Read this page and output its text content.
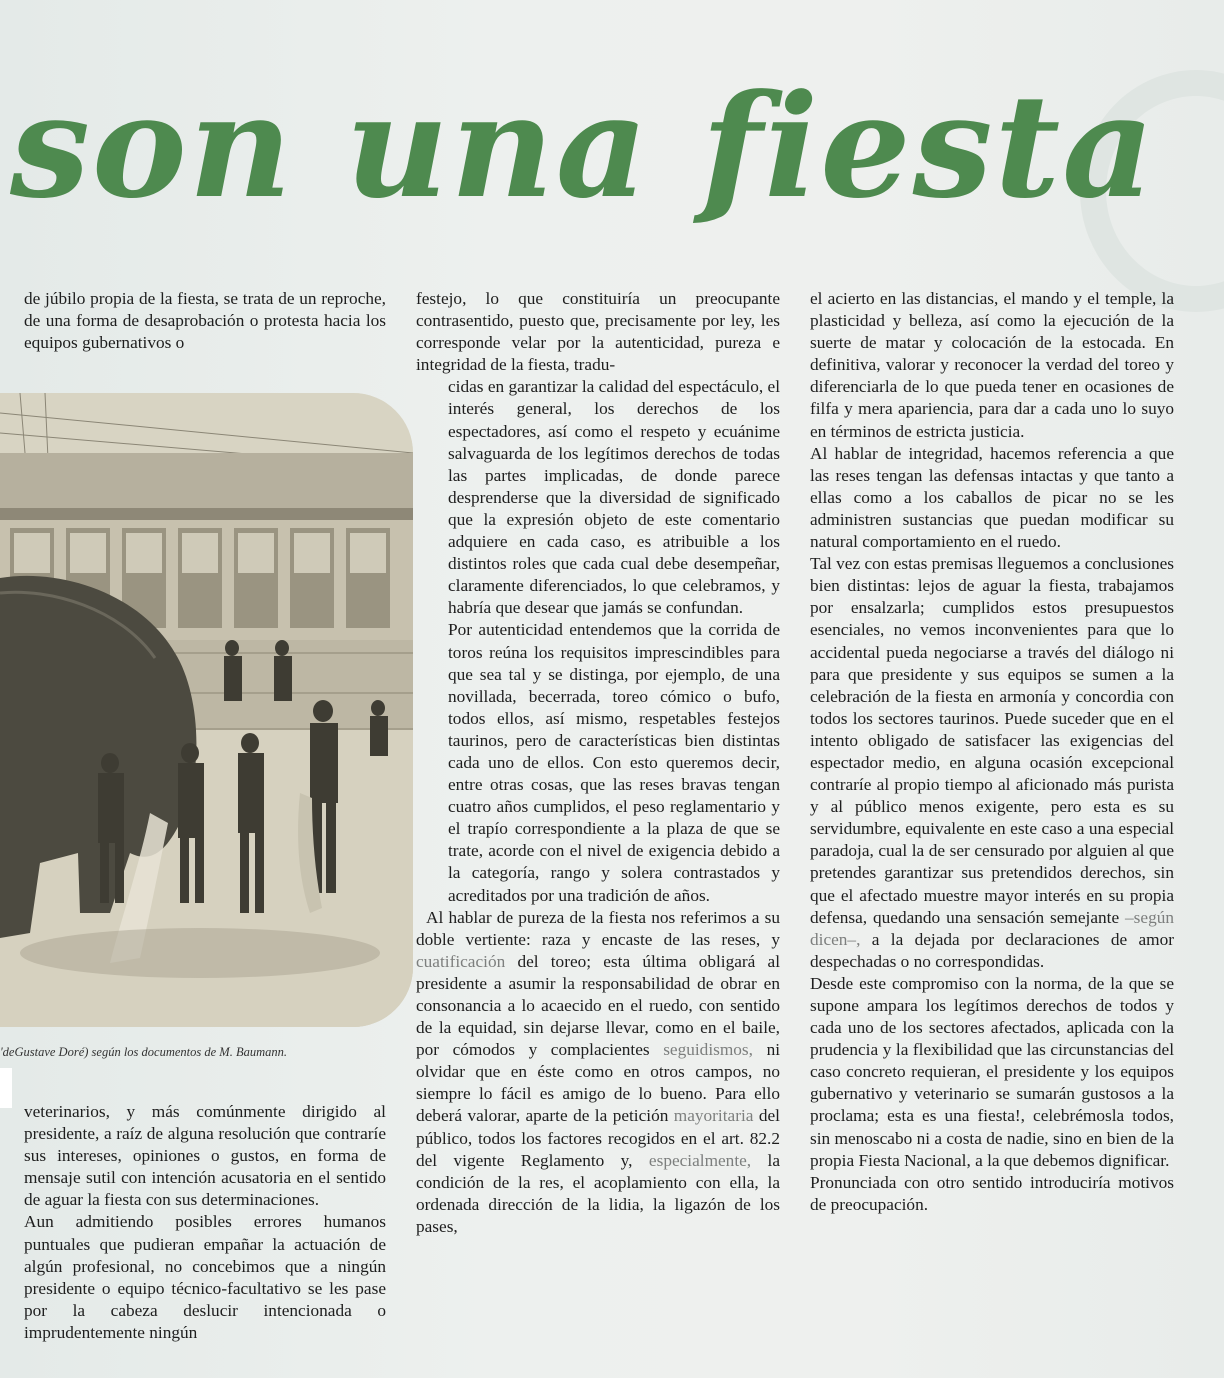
son una fiesta

de júbilo propia de la fiesta, se trata de un reproche, de una forma de desaprobación o protesta hacia los equipos gubernativos o

ʹdeGustave Doré) según los documentos de M. Baumann.

veterinarios, y más comúnmente dirigido al presidente, a raíz de alguna resolución que contraríe sus intereses, opiniones o gustos, en forma de mensaje sutil con intención acusatoria en el sentido de aguar la fiesta con sus determinaciones.

Aun admitiendo posibles errores humanos puntuales que pudieran empañar la actuación de algún profesional, no concebimos que a ningún presidente o equipo técnico-facultativo se les pase por la cabeza deslucir intencionada o imprudentemente ningún

festejo, lo que constituiría un preocupante contrasentido, puesto que, precisamente por ley, les corresponde velar por la autenticidad, pureza e integridad de la fiesta, tradu-

cidas en garantizar la calidad del espectáculo, el interés general, los derechos de los espectadores, así como el respeto y ecuánime salvaguarda de los legítimos derechos de todas las partes implicadas, de donde parece desprenderse que la diversidad de significado que la expresión objeto de este comentario adquiere en cada caso, es atribuible a los distintos roles que cada cual debe desempeñar, claramente diferenciados, lo que celebramos, y habría que desear que jamás se confundan.

Por autenticidad entendemos que la corrida de toros reúna los requisitos imprescindibles para que sea tal y se distinga, por ejemplo, de una novillada, becerrada, toreo cómico o bufo, todos ellos, así mismo, respetables festejos taurinos, pero de características bien distintas cada uno de ellos. Con esto queremos decir, entre otras cosas, que las reses bravas tengan cuatro años cumplidos, el peso reglamentario y el trapío correspondiente a la plaza de que se trate, acorde con el nivel de exigencia debido a la categoría, rango y solera contrastados y acreditados por una tradición de años.

Al hablar de pureza de la fiesta nos referimos a su doble vertiente: raza y encaste de las reses, y cuatificación del toreo; esta última obligará al presidente a asumir la responsabilidad de obrar en consonancia a lo acaecido en el ruedo, con sentido de la equidad, sin dejarse llevar, como en el baile, por cómodos y complacientes seguidismos, ni olvidar que en éste como en otros campos, no siempre lo fácil es amigo de lo bueno. Para ello deberá valorar, aparte de la petición mayoritaria del público, todos los factores recogidos en el art. 82.2 del vigente Reglamento y, especialmente, la condición de la res, el acoplamiento con ella, la ordenada dirección de la lidia, la ligazón de los pases,

el acierto en las distancias, el mando y el temple, la plasticidad y belleza, así como la ejecución de la suerte de matar y colocación de la estocada. En definitiva, valorar y reconocer la verdad del toreo y diferenciarla de lo que pueda tener en ocasiones de filfa y mera apariencia, para dar a cada uno lo suyo en términos de estricta justicia.

Al hablar de integridad, hacemos referencia a que las reses tengan las defensas intactas y que tanto a ellas como a los caballos de picar no se les administren sustancias que puedan modificar su natural comportamiento en el ruedo.

Tal vez con estas premisas lleguemos a conclusiones bien distintas: lejos de aguar la fiesta, trabajamos por ensalzarla; cumplidos estos presupuestos esenciales, no vemos inconvenientes para que lo accidental pueda negociarse a través del diálogo ni para que presidente y sus equipos se sumen a la celebración de la fiesta en armonía y concordia con todos los sectores taurinos. Puede suceder que en el intento obligado de satisfacer las exigencias del espectador medio, en alguna ocasión excepcional contraríe al propio tiempo al aficionado más purista y al público menos exigente, pero esta es su servidumbre, equivalente en este caso a una especial paradoja, cual la de ser censurado por alguien al que pretendes garantizar sus pretendidos derechos, sin que el afectado muestre mayor interés en su propia defensa, quedando una sensación semejante –según dicen–, a la dejada por declaraciones de amor despechadas o no correspondidas.

Desde este compromiso con la norma, de la que se supone ampara los legítimos derechos de todos y cada uno de los sectores afectados, aplicada con la prudencia y la flexibilidad que las circunstancias del caso concreto requieran, el presidente y los equipos gubernativo y veterinario se sumarán gustosos a la proclama; esta es una fiesta!, celebrémosla todos, sin menoscabo ni a costa de nadie, sino en bien de la propia Fiesta Nacional, a la que debemos dignificar.

Pronunciada con otro sentido introduciría motivos de preocupación.
